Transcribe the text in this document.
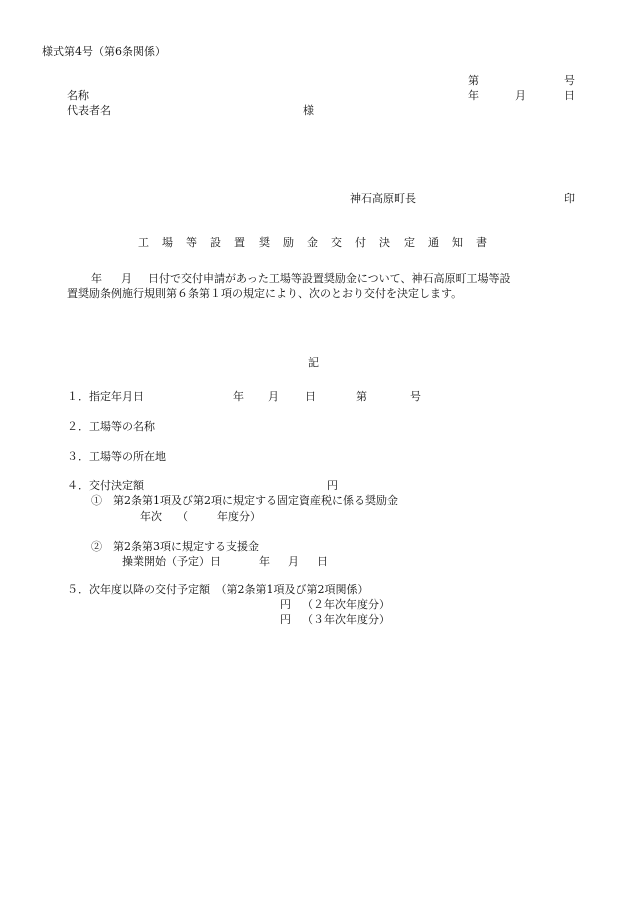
様式第4号（第6条関係）
第	号
名称	年	月	日
代表者名	様
神石高原町長	印
工 場 等 設 置 奨 励 金 交 付 決 定 通 知 書
年 月 日付で交付申請があった工場等設置奨励金について、神石高原町工場等設
置奨励条例施行規則第６条第１項の規定により、次のとおり交付を決定します。
記
１．指定年月日	年 月 日	第	号
２．工場等の名称
３．工場等の所在地
４．交付決定額	円
①　第2条第1項及び第2項に規定する固定資産税に係る奨励金
年次 （	年度分）
②　第2条第3項に規定する支援金
操業開始（予定）日	年 月 日
５．次年度以降の交付予定額　（第2条第1項及び第2項関係）
円 （２年次年度分）
円 （３年次年度分）
